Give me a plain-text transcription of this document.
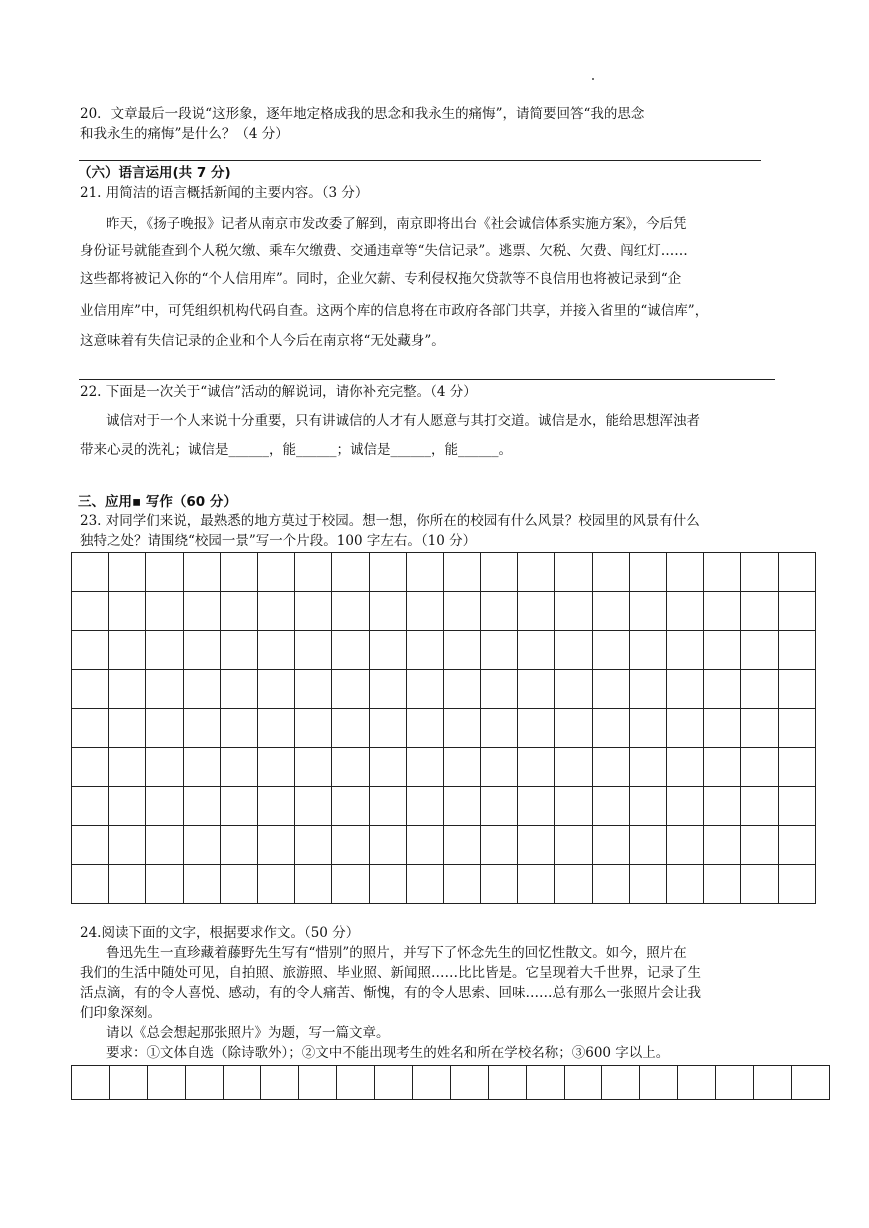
20．文章最后一段说“这形象，逐年地定格成我的思念和我永生的痛悔”，请简要回答“我的思念
和我永生的痛悔”是什么？（4 分）
（六）语言运用(共 7 分)
21. 用简洁的语言概括新闻的主要内容。（3 分）
昨天，《扬子晚报》记者从南京市发改委了解到，南京即将出台《社会诚信体系实施方案》，今后凭
身份证号就能查到个人税欠缴、乘车欠缴费、交通违章等“失信记录”。逃票、欠税、欠费、闯红灯……
这些都将被记入你的“个人信用库”。同时，企业欠薪、专利侵权拖欠贷款等不良信用也将被记录到“企
业信用库”中，可凭组织机构代码自查。这两个库的信息将在市政府各部门共享，并接入省里的“诚信库”，
这意味着有失信记录的企业和个人今后在南京将“无处藏身”。
22. 下面是一次关于“诚信”活动的解说词，请你补充完整。（4 分）
诚信对于一个人来说十分重要，只有讲诚信的人才有人愿意与其打交道。诚信是水，能给思想浑浊者
带来心灵的洗礼；诚信是______，能______；诚信是______，能______。
三、应用▪ 写作（60 分）
23. 对同学们来说，最熟悉的地方莫过于校园。想一想，你所在的校园有什么风景？校园里的风景有什么
独特之处？请围绕“校园一景”写一个片段。100 字左右。（10 分）

24.阅读下面的文字，根据要求作文。（50 分）
鲁迅先生一直珍藏着藤野先生写有“惜别”的照片，并写下了怀念先生的回忆性散文。如今，照片在
我们的生活中随处可见，自拍照、旅游照、毕业照、新闻照……比比皆是。它呈现着大千世界，记录了生
活点滴，有的令人喜悦、感动，有的令人痛苦、惭愧，有的令人思索、回味……总有那么一张照片会让我
们印象深刻。
请以《总会想起那张照片》为题，写一篇文章。
要求：①文体自选（除诗歌外）；②文中不能出现考生的姓名和所在学校名称；③600 字以上。
